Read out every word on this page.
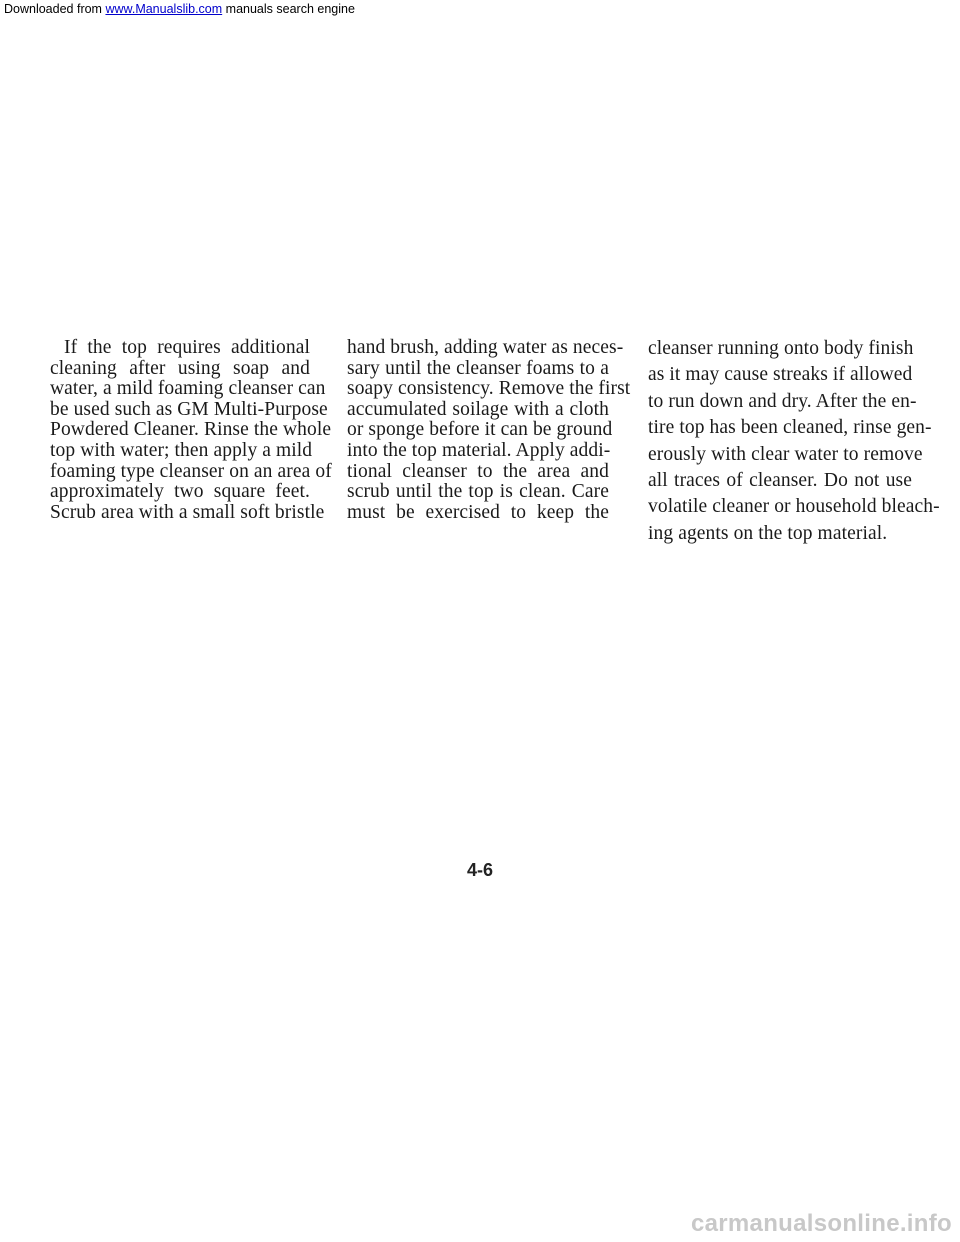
Downloaded from www.Manualslib.com manuals search engine
If the top requires additional
cleaning after using soap and
water, a mild foaming cleanser can
be used such as GM Multi-Purpose
Powdered Cleaner. Rinse the whole
top with water; then apply a mild
foaming type cleanser on an area of
approximately two square feet.
Scrub area with a small soft bristle
hand brush, adding water as neces-
sary until the cleanser foams to a
soapy consistency. Remove the first
accumulated soilage with a cloth
or sponge before it can be ground
into the top material. Apply addi-
tional cleanser to the area and
scrub until the top is clean. Care
must be exercised to keep the
cleanser running onto body finish
as it may cause streaks if allowed
to run down and dry. After the en-
tire top has been cleaned, rinse gen-
erously with clear water to remove
all traces of cleanser. Do not use
volatile cleaner or household bleach-
ing agents on the top material.
4-6
carmanualsonline.info
